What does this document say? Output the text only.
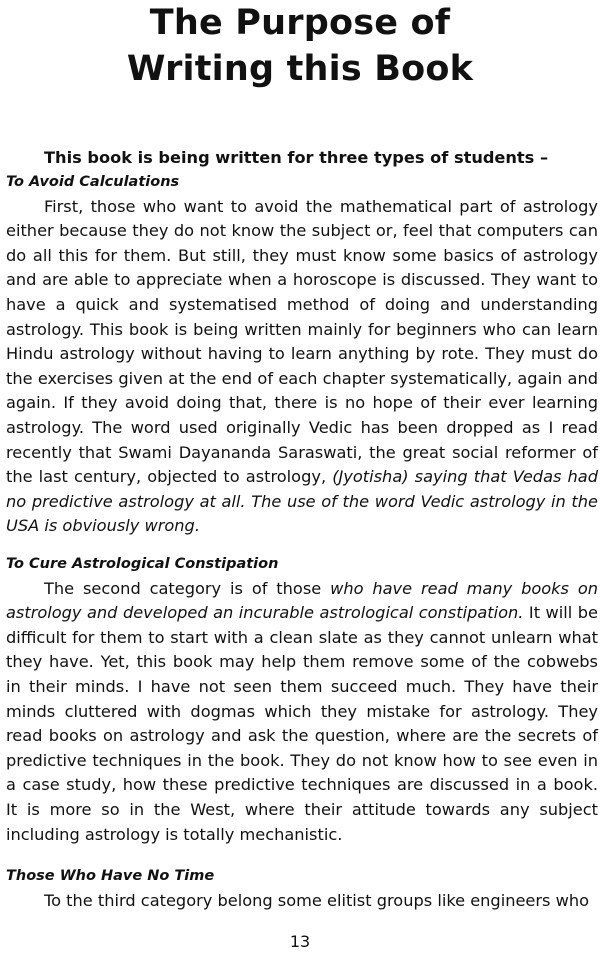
The Purpose of
Writing this Book
This book is being written for three types of students –
To Avoid Calculations

First, those who want to avoid the mathematical part of astrology either because they do not know the subject or, feel that computers can do all this for them. But still, they must know some basics of astrology and are able to appreciate when a horoscope is discussed. They want to have a quick and systematised method of doing and understanding astrology. This book is being written mainly for beginners who can learn Hindu astrology without having to learn anything by rote. They must do the exercises given at the end of each chapter systematically, again and again. If they avoid doing that, there is no hope of their ever learning astrology. The word used originally Vedic has been dropped as I read recently that Swami Dayananda Saraswati, the great social reformer of the last century, objected to astrology, (Jyotisha) saying that Vedas had no predictive astrology at all. The use of the word Vedic astrology in the USA is obviously wrong.

To Cure Astrological Constipation

The second category is of those who have read many books on astrology and developed an incurable astrological constipation. It will be difficult for them to start with a clean slate as they cannot unlearn what they have. Yet, this book may help them remove some of the cobwebs in their minds. I have not seen them succeed much. They have their minds cluttered with dogmas which they mistake for astrology. They read books on astrology and ask the question, where are the secrets of predictive techniques in the book. They do not know how to see even in a case study, how these predictive techniques are discussed in a book. It is more so in the West, where their attitude towards any subject including astrology is totally mechanistic.

Those Who Have No Time

To the third category belong some elitist groups like engineers who

13
